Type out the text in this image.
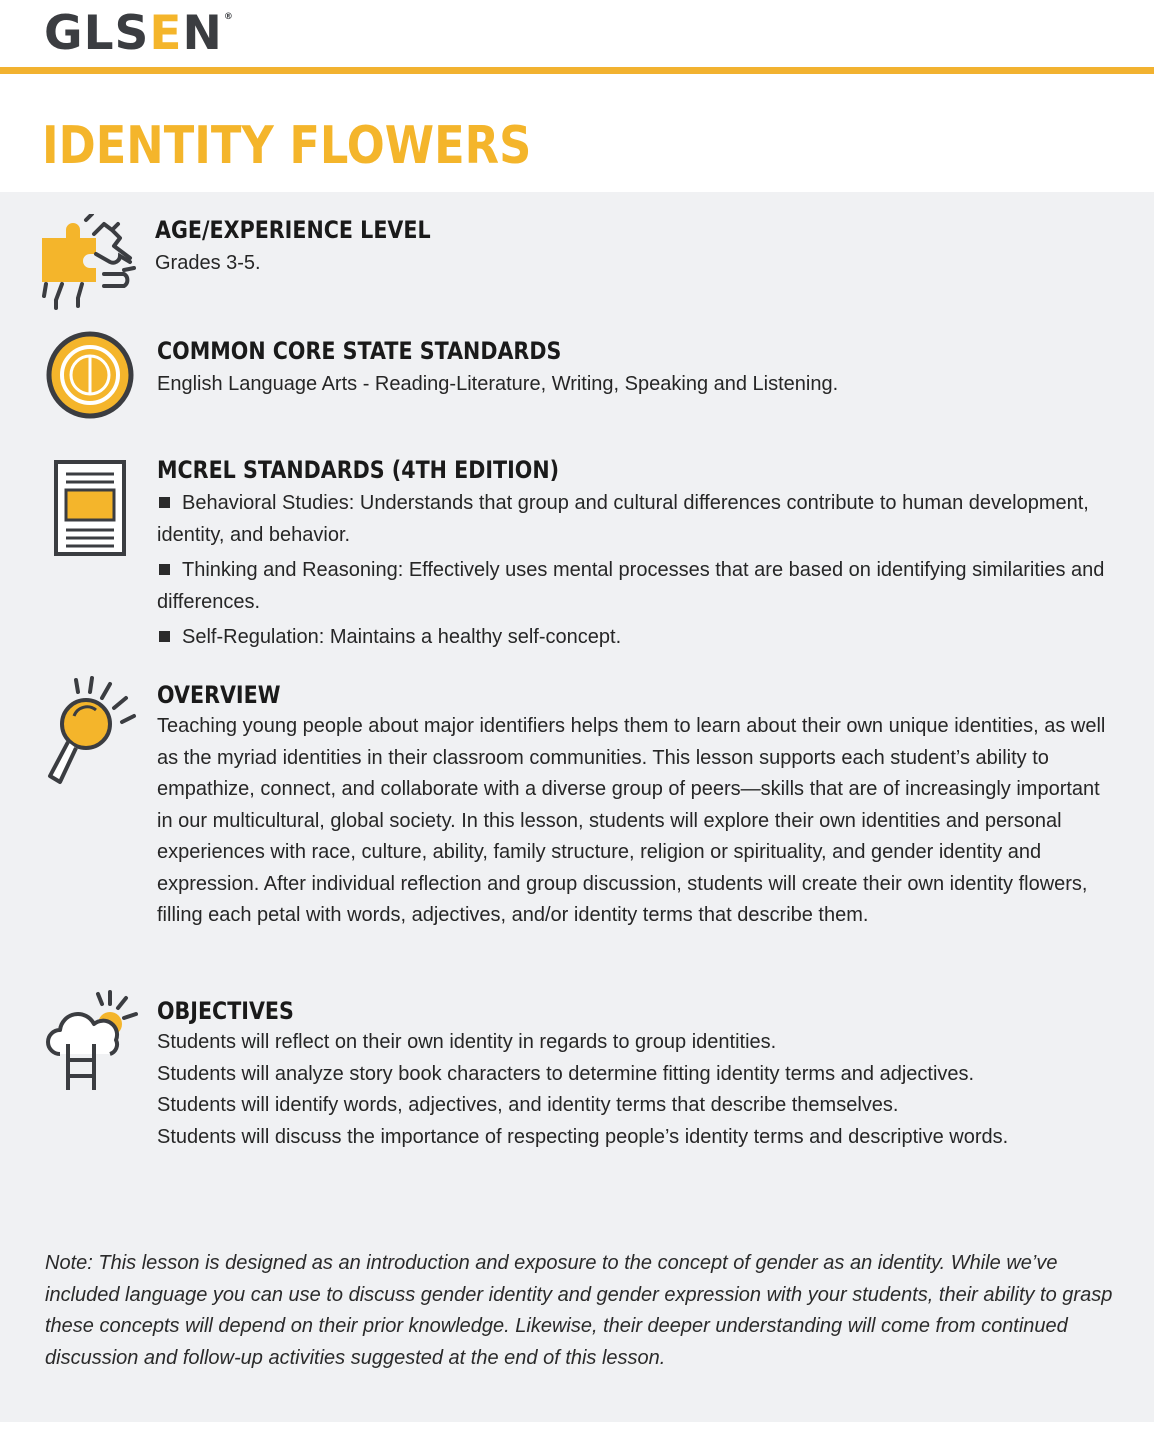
GLSEN®
IDENTITY FLOWERS
AGE/EXPERIENCE LEVEL

Grades 3-5.

COMMON CORE STATE STANDARDS

English Language Arts - Reading-Literature, Writing, Speaking and Listening.

MCREL STANDARDS (4TH EDITION)

Behavioral Studies: Understands that group and cultural differences contribute to human development, identity, and behavior.

Thinking and Reasoning: Effectively uses mental processes that are based on identifying similarities and differences.

Self-Regulation: Maintains a healthy self-concept.

OVERVIEW

Teaching young people about major identifiers helps them to learn about their own unique identities, as well as the myriad identities in their classroom communities. This lesson supports each student’s ability to empathize, connect, and collaborate with a diverse group of peers—skills that are of increasingly important in our multicultural, global society. In this lesson, students will explore their own identities and personal experiences with race, culture, ability, family structure, religion or spirituality, and gender identity and expression. After individual reflection and group discussion, students will create their own identity flowers, filling each petal with words, adjectives, and/or identity terms that describe them.

OBJECTIVES

Students will reflect on their own identity in regards to group identities.

Students will analyze story book characters to determine fitting identity terms and adjectives.

Students will identify words, adjectives, and identity terms that describe themselves.

Students will discuss the importance of respecting people’s identity terms and descriptive words.

Note: This lesson is designed as an introduction and exposure to the concept of gender as an identity. While we’ve included language you can use to discuss gender identity and gender expression with your students, their ability to grasp these concepts will depend on their prior knowledge. Likewise, their deeper understanding will come from continued discussion and follow-up activities suggested at the end of this lesson.
